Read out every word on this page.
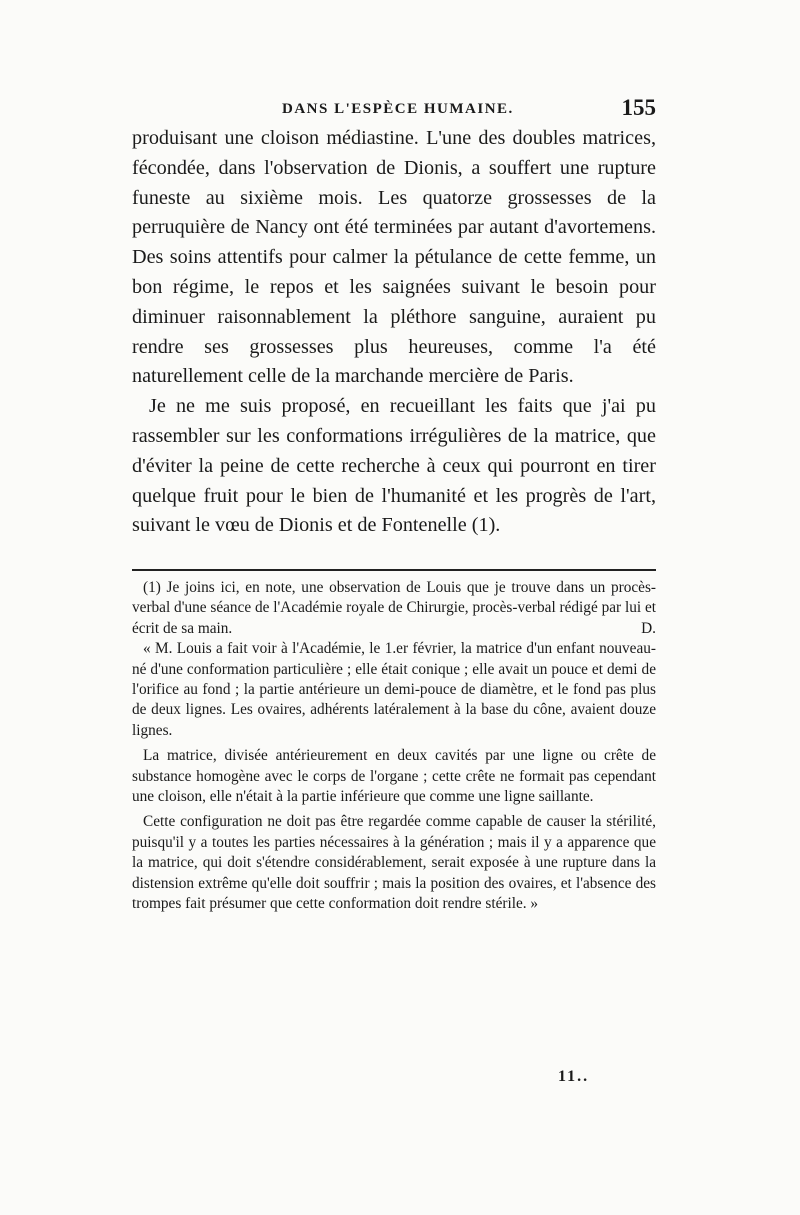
DANS L'ESPÈCE HUMAINE.	155

produisant une cloison médiastine. L'une des doubles matrices, fécondée, dans l'observation de Dionis, a souffert une rupture funeste au sixième mois. Les quatorze grossesses de la perruquière de Nancy ont été terminées par autant d'avortemens. Des soins attentifs pour calmer la pétulance de cette femme, un bon régime, le repos et les saignées suivant le besoin pour diminuer raisonnablement la pléthore sanguine, auraient pu rendre ses grossesses plus heureuses, comme l'a été naturellement celle de la marchande mercière de Paris.

Je ne me suis proposé, en recueillant les faits que j'ai pu rassembler sur les conformations irrégulières de la matrice, que d'éviter la peine de cette recherche à ceux qui pourront en tirer quelque fruit pour le bien de l'humanité et les progrès de l'art, suivant le vœu de Dionis et de Fontenelle (1).

(1) Je joins ici, en note, une observation de Louis que je trouve dans un procès-verbal d'une séance de l'Académie royale de Chirurgie, procès-verbal rédigé par lui et écrit de sa main.	D.

« M. Louis a fait voir à l'Académie, le 1.er février, la matrice d'un enfant nouveau-né d'une conformation particulière ; elle était conique ; elle avait un pouce et demi de l'orifice au fond ; la partie antérieure un demi-pouce de diamètre, et le fond pas plus de deux lignes. Les ovaires, adhérents latéralement à la base du cône, avaient douze lignes.

La matrice, divisée antérieurement en deux cavités par une ligne ou crête de substance homogène avec le corps de l'organe ; cette crête ne formait pas cependant une cloison, elle n'était à la partie inférieure que comme une ligne saillante.

Cette configuration ne doit pas être regardée comme capable de causer la stérilité, puisqu'il y a toutes les parties nécessaires à la génération ; mais il y a apparence que la matrice, qui doit s'étendre considérablement, serait exposée à une rupture dans la distension extrême qu'elle doit souffrir ; mais la position des ovaires, et l'absence des trompes fait présumer que cette conformation doit rendre stérile. »

11..
